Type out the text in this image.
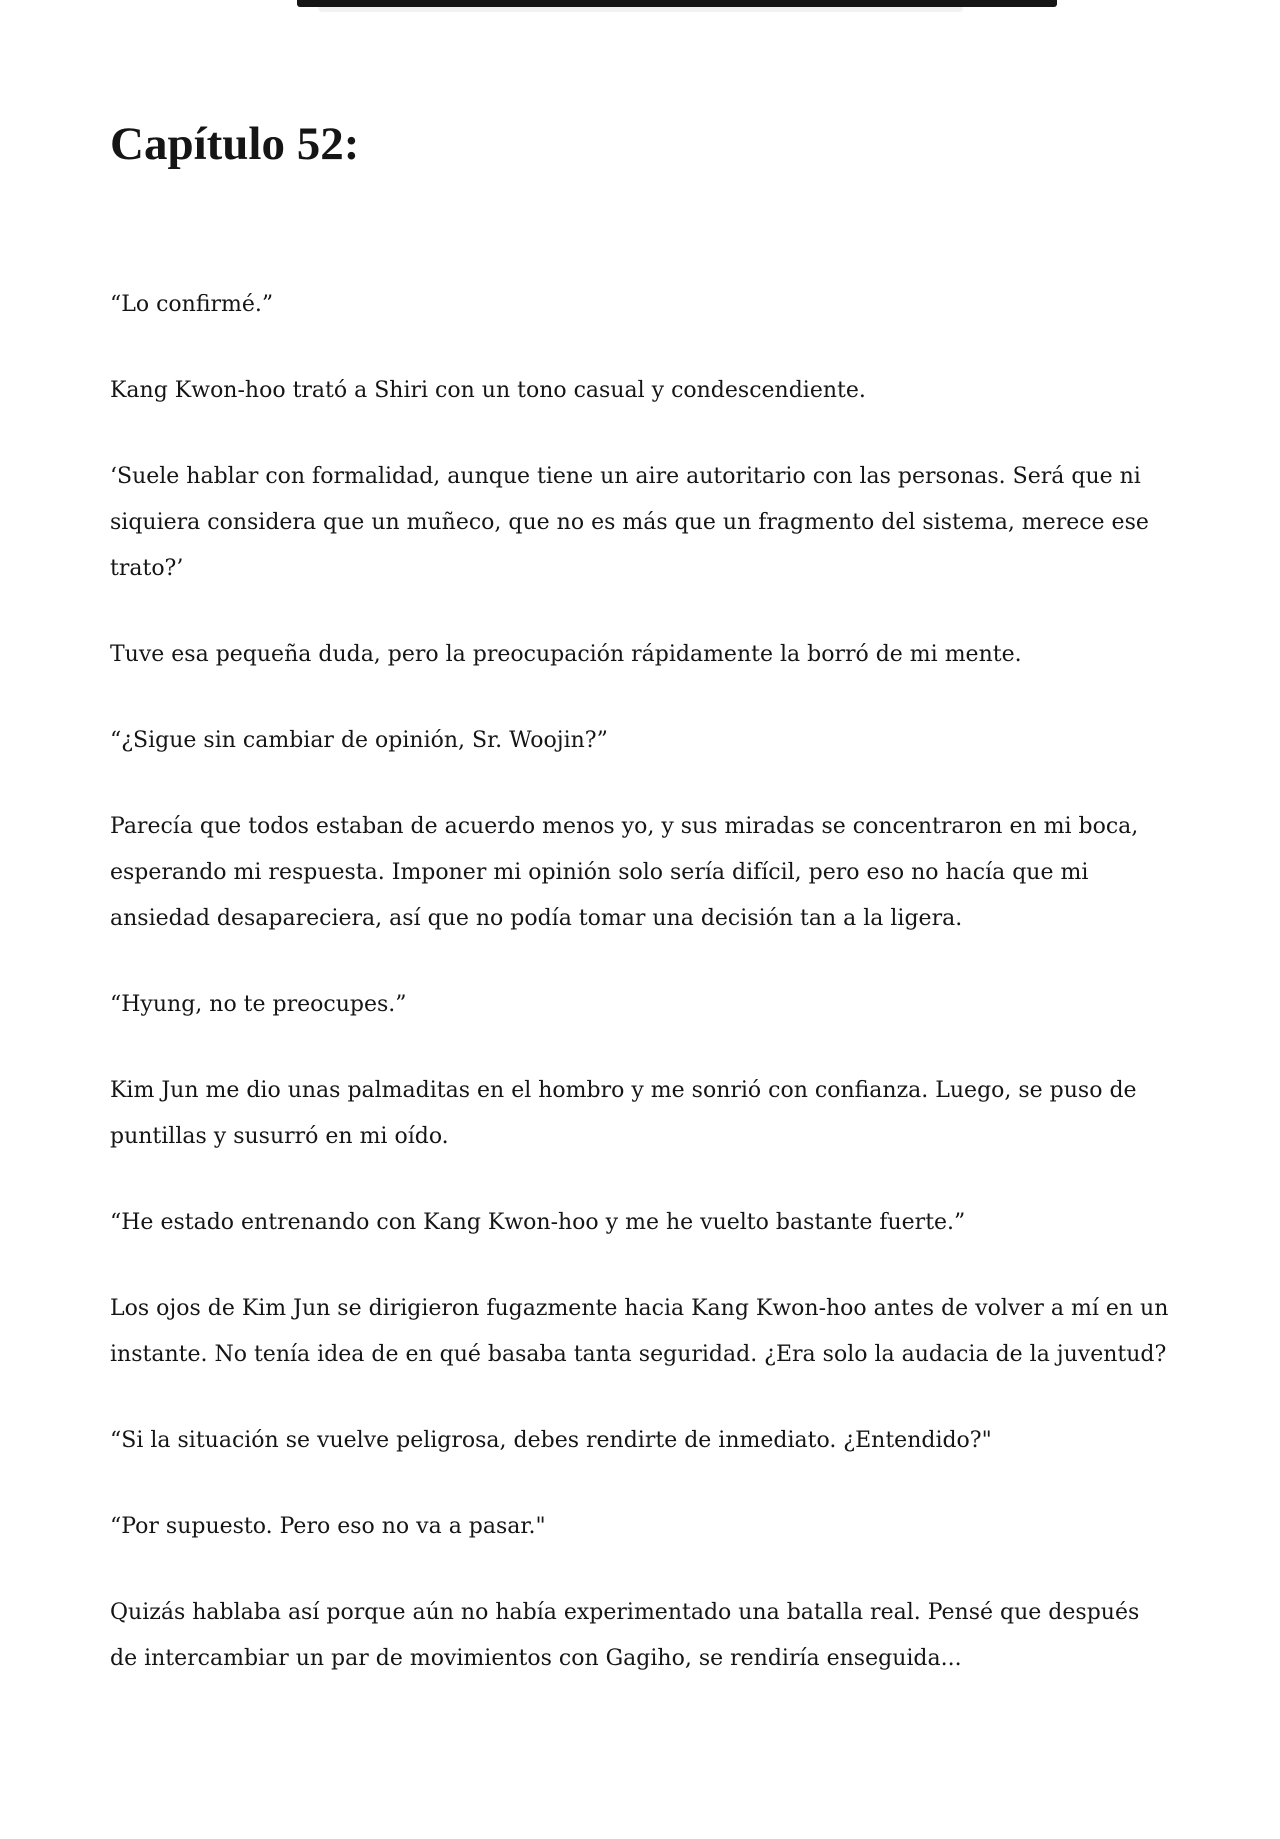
Capítulo 52:

“Lo confirmé.”

Kang Kwon-hoo trató a Shiri con un tono casual y condescendiente.

‘Suele hablar con formalidad, aunque tiene un aire autoritario con las personas. Será que ni siquiera considera que un muñeco, que no es más que un fragmento del sistema, merece ese trato?’

Tuve esa pequeña duda, pero la preocupación rápidamente la borró de mi mente.

“¿Sigue sin cambiar de opinión, Sr. Woojin?”

Parecía que todos estaban de acuerdo menos yo, y sus miradas se concentraron en mi boca, esperando mi respuesta. Imponer mi opinión solo sería difícil, pero eso no hacía que mi ansiedad desapareciera, así que no podía tomar una decisión tan a la ligera.

“Hyung, no te preocupes.”

Kim Jun me dio unas palmaditas en el hombro y me sonrió con confianza. Luego, se puso de puntillas y susurró en mi oído.

“He estado entrenando con Kang Kwon-hoo y me he vuelto bastante fuerte.”

Los ojos de Kim Jun se dirigieron fugazmente hacia Kang Kwon-hoo antes de volver a mí en un instante. No tenía idea de en qué basaba tanta seguridad. ¿Era solo la audacia de la juventud?

“Si la situación se vuelve peligrosa, debes rendirte de inmediato. ¿Entendido?"

“Por supuesto. Pero eso no va a pasar."

Quizás hablaba así porque aún no había experimentado una batalla real. Pensé que después de intercambiar un par de movimientos con Gagiho, se rendiría enseguida...
